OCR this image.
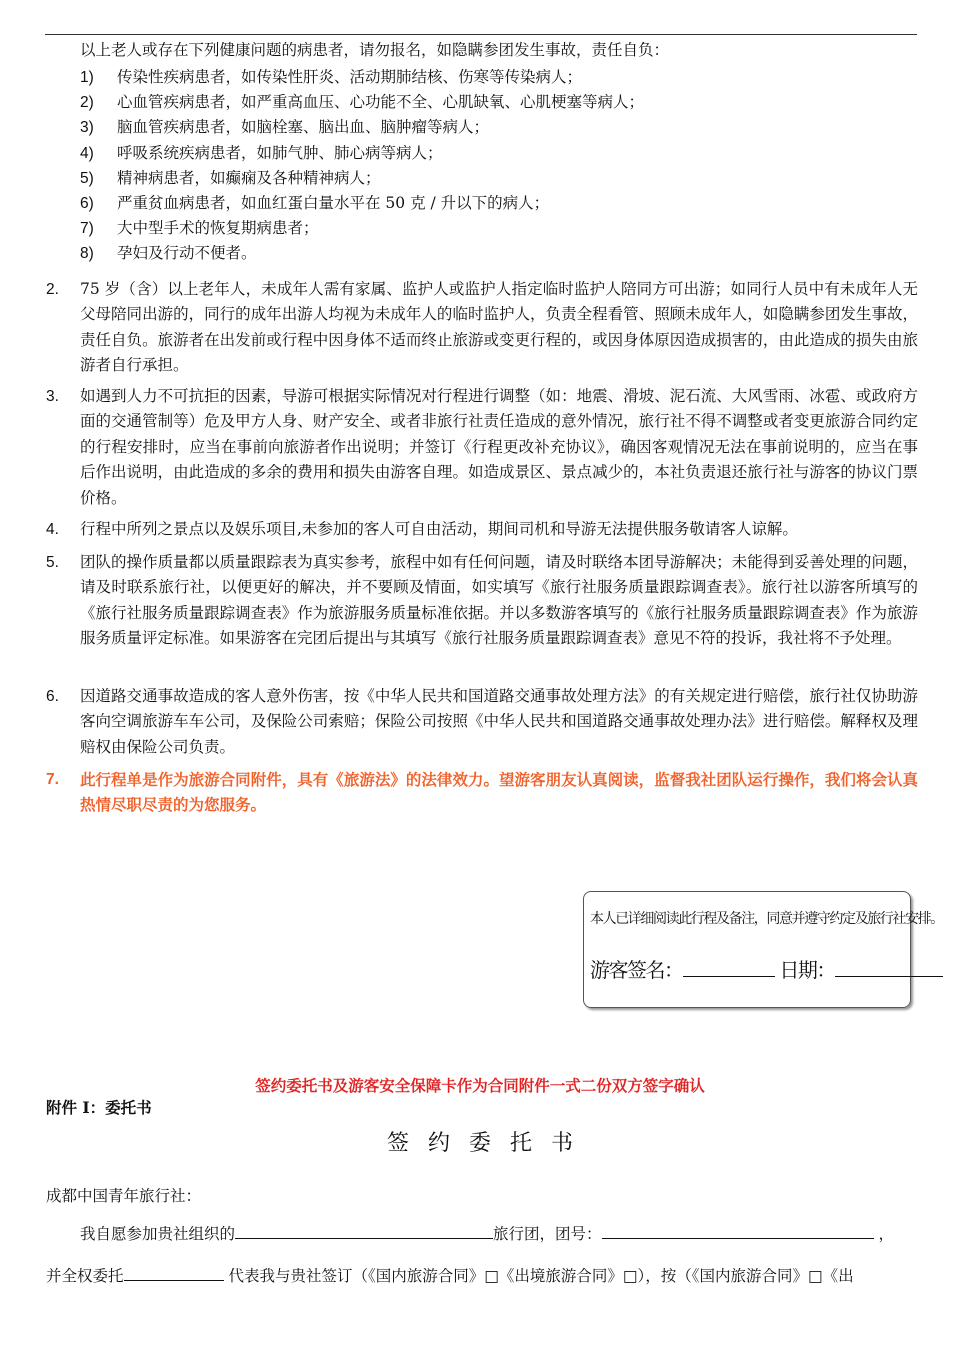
以上老人或存在下列健康问题的病患者，请勿报名，如隐瞒参团发生事故，责任自负：
1) 传染性疾病患者，如传染性肝炎、活动期肺结核、伤寒等传染病人；
2) 心血管疾病患者，如严重高血压、心功能不全、心肌缺氧、心肌梗塞等病人；
3) 脑血管疾病患者，如脑栓塞、脑出血、脑肿瘤等病人；
4) 呼吸系统疾病患者，如肺气肿、肺心病等病人；
5) 精神病患者，如癫痫及各种精神病人；
6) 严重贫血病患者，如血红蛋白量水平在 50 克 / 升以下的病人；
7) 大中型手术的恢复期病患者；
8) 孕妇及行动不便者。
2. 75 岁（含）以上老年人，未成年人需有家属、监护人或监护人指定临时监护人陪同方可出游；如同行人员中有未成年人无父母陪同出游的，同行的成年出游人均视为未成年人的临时监护人，负责全程看管、照顾未成年人，如隐瞒参团发生事故，责任自负。旅游者在出发前或行程中因身体不适而终止旅游或变更行程的，或因身体原因造成损害的，由此造成的损失由旅游者自行承担。
3. 如遇到人力不可抗拒的因素，导游可根据实际情况对行程进行调整（如：地震、滑坡、泥石流、大风雪雨、冰雹、或政府方面的交通管制等）危及甲方人身、财产安全、或者非旅行社责任造成的意外情况，旅行社不得不调整或者变更旅游合同约定的行程安排时，应当在事前向旅游者作出说明；并签订《行程更改补充协议》，确因客观情况无法在事前说明的，应当在事后作出说明，由此造成的多余的费用和损失由游客自理。如造成景区、景点减少的，本社负责退还旅行社与游客的协议门票价格。
4. 行程中所列之景点以及娱乐项目,未参加的客人可自由活动，期间司机和导游无法提供服务敬请客人谅解。
5. 团队的操作质量都以质量跟踪表为真实参考，旅程中如有任何问题，请及时联络本团导游解决；未能得到妥善处理的问题，请及时联系旅行社，以便更好的解决，并不要顾及情面，如实填写《旅行社服务质量跟踪调查表》。旅行社以游客所填写的《旅行社服务质量跟踪调查表》作为旅游服务质量标准依据。并以多数游客填写的《旅行社服务质量跟踪调查表》作为旅游服务质量评定标准。如果游客在完团后提出与其填写《旅行社服务质量跟踪调查表》意见不符的投诉，我社将不予处理。
6. 因道路交通事故造成的客人意外伤害，按《中华人民共和国道路交通事故处理方法》的有关规定进行赔偿，旅行社仅协助游客向空调旅游车车公司，及保险公司索赔；保险公司按照《中华人民共和国道路交通事故处理办法》进行赔偿。解释权及理赔权由保险公司负责。
7. 此行程单是作为旅游合同附件，具有《旅游法》的法律效力。望游客朋友认真阅读，监督我社团队运行操作，我们将会认真热情尽职尽责的为您服务。
本人已详细阅读此行程及备注，同意并遵守约定及旅行社安排。
游客签名：	日期：
签约委托书及游客安全保障卡作为合同附件一式二份双方签字确认
附件 I：委托书
签约委托书
成都中国青年旅行社：
我自愿参加贵社组织的	旅行团，团号：	，
并全权委托	代表我与贵社签订（《国内旅游合同》□《出境旅游合同》□），按（《国内旅游合同》□《出
